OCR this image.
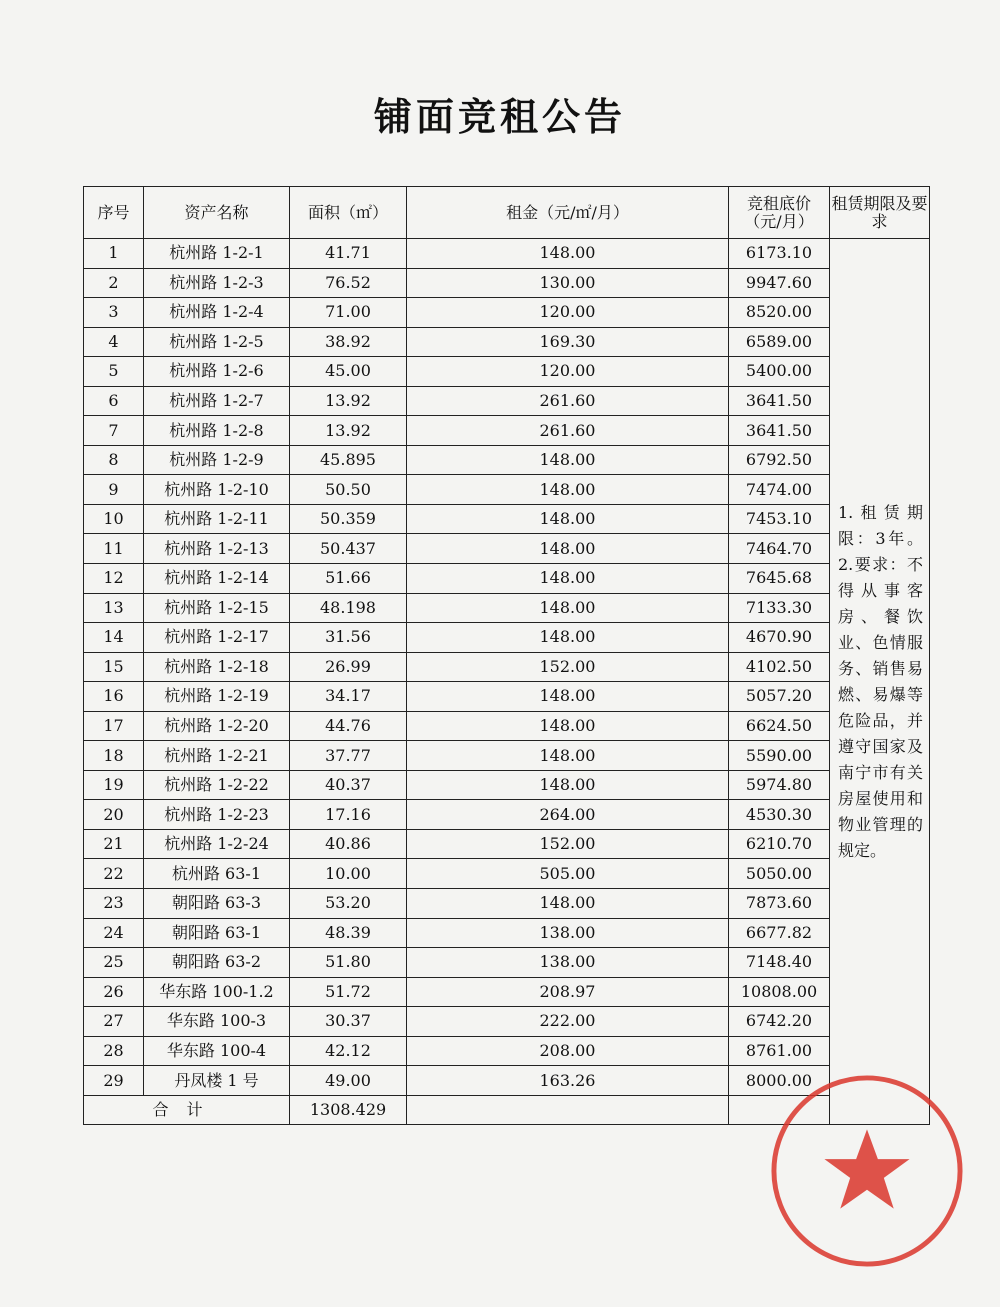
铺面竞租公告
序号	资产名称	面积（㎡）	租金（元/㎡/月）	竞租底价（元/月）	租赁期限及要求
1	杭州路 1-2-1	41.71	148.00	6173.10	1.租赁期限：3年。2.要求：不得从事客房、餐饮业、色情服务、销售易燃、易爆等危险品，并遵守国家及南宁市有关房屋使用和物业管理的规定。
2	杭州路 1-2-3	76.52	130.00	9947.60	
3	杭州路 1-2-4	71.00	120.00	8520.00	
4	杭州路 1-2-5	38.92	169.30	6589.00	
5	杭州路 1-2-6	45.00	120.00	5400.00	
6	杭州路 1-2-7	13.92	261.60	3641.50	
7	杭州路 1-2-8	13.92	261.60	3641.50	
8	杭州路 1-2-9	45.895	148.00	6792.50	
9	杭州路 1-2-10	50.50	148.00	7474.00	
10	杭州路 1-2-11	50.359	148.00	7453.10	
11	杭州路 1-2-13	50.437	148.00	7464.70	
12	杭州路 1-2-14	51.66	148.00	7645.68	
13	杭州路 1-2-15	48.198	148.00	7133.30	
14	杭州路 1-2-17	31.56	148.00	4670.90	
15	杭州路 1-2-18	26.99	152.00	4102.50	
16	杭州路 1-2-19	34.17	148.00	5057.20	
17	杭州路 1-2-20	44.76	148.00	6624.50	
18	杭州路 1-2-21	37.77	148.00	5590.00	
19	杭州路 1-2-22	40.37	148.00	5974.80	
20	杭州路 1-2-23	17.16	264.00	4530.30	
21	杭州路 1-2-24	40.86	152.00	6210.70	
22	杭州路 63-1	10.00	505.00	5050.00	
23	朝阳路 63-3	53.20	148.00	7873.60	
24	朝阳路 63-1	48.39	138.00	6677.82	
25	朝阳路 63-2	51.80	138.00	7148.40	
26	华东路 100-1.2	51.72	208.97	10808.00	
27	华东路 100-3	30.37	222.00	6742.20	
28	华东路 100-4	42.12	208.00	8761.00	
29	丹凤楼 1 号	49.00	163.26	8000.00	
合计		1308.429			
